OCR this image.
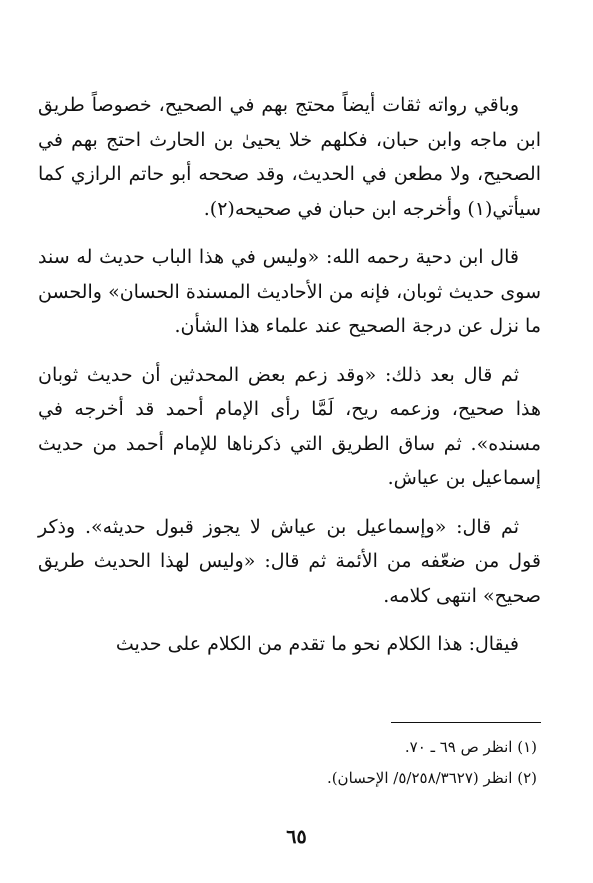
وباقي رواته ثقات أيضاً محتج بهم في الصحيح، خصوصاً طريق ابن ماجه وابن حبان، فكلهم خلا يحيىٰ بن الحارث احتج بهم في الصحيح، ولا مطعن في الحديث، وقد صححه أبو حاتم الرازي كما سيأتي(١) وأخرجه ابن حبان في صحيحه(٢).

قال ابن دحية رحمه الله: «وليس في هذا الباب حديث له سند سوى حديث ثوبان، فإنه من الأحاديث المسندة الحسان» والحسن ما نزل عن درجة الصحيح عند علماء هذا الشأن.

ثم قال بعد ذلك: «وقد زعم بعض المحدثين أن حديث ثوبان هذا صحيح، وزعمه ريح، لَمَّا رأى الإمام أحمد قد أخرجه في مسنده». ثم ساق الطريق التي ذكرناها للإمام أحمد من حديث إسماعيل بن عياش.

ثم قال: «وإسماعيل بن عياش لا يجوز قبول حديثه». وذكر قول من ضعّفه من الأئمة ثم قال: «وليس لهذا الحديث طريق صحيح» انتهى كلامه.

فيقال: هذا الكلام نحو ما تقدم من الكلام على حديث

(١) انظر ص ٦٩ ـ ٧٠.

(٢) انظر (٥/٢٥٨/٣٦٢٧/ الإحسان).

٦٥
